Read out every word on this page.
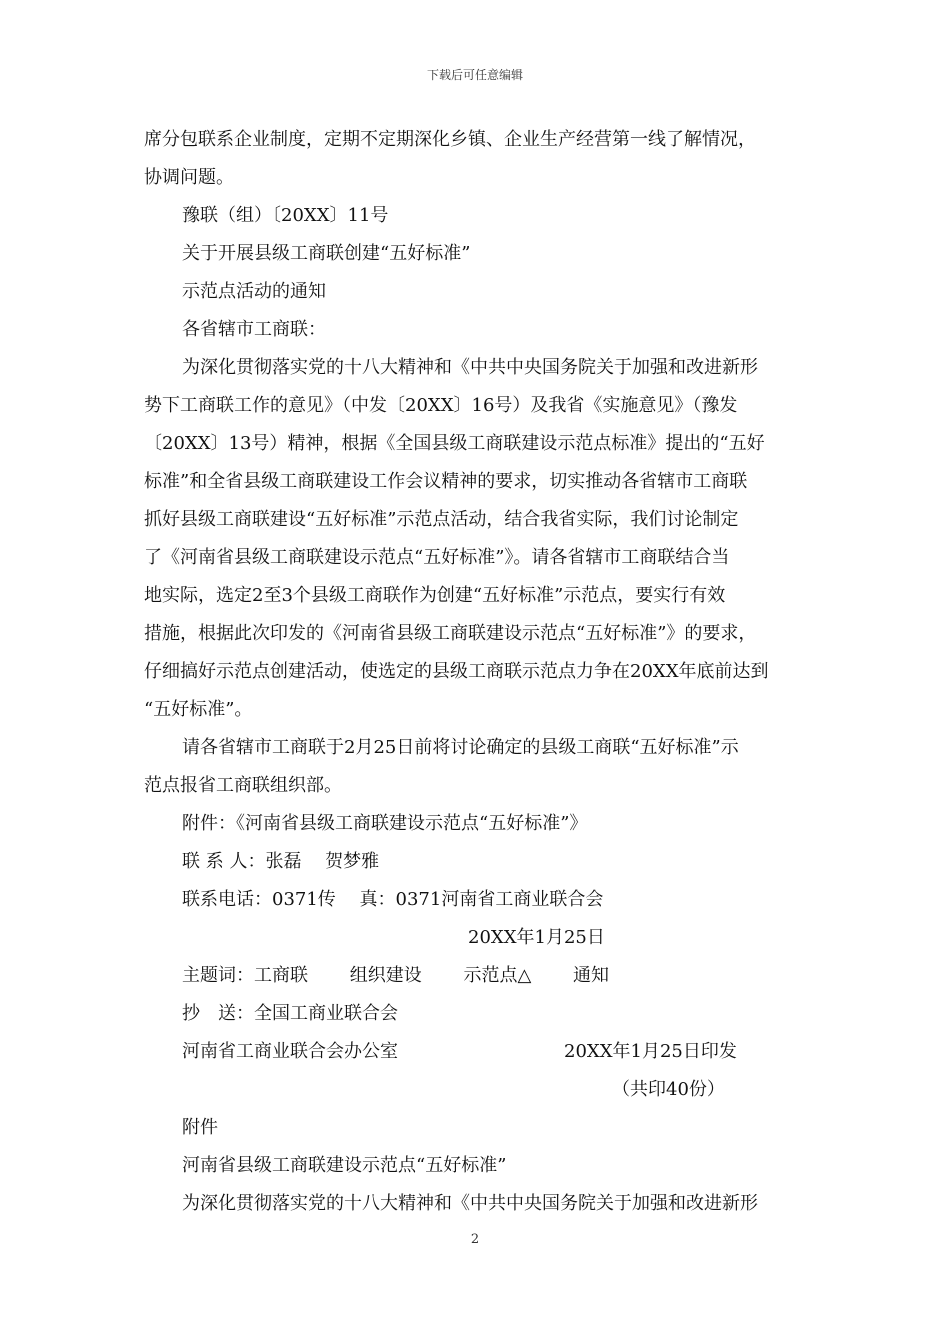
下载后可任意编辑
席分包联系企业制度，定期不定期深化乡镇、企业生产经营第一线了解情况，
协调问题。
豫联（组）〔20XX〕11号
关于开展县级工商联创建“五好标准”
示范点活动的通知
各省辖市工商联：
为深化贯彻落实党的十八大精神和《中共中央国务院关于加强和改进新形
势下工商联工作的意见》（中发〔20XX〕16号）及我省《实施意见》（豫发
〔20XX〕13号）精神，根据《全国县级工商联建设示范点标准》提出的“五好
标准”和全省县级工商联建设工作会议精神的要求，切实推动各省辖市工商联
抓好县级工商联建设“五好标准”示范点活动，结合我省实际，我们讨论制定
了《河南省县级工商联建设示范点“五好标准”》。请各省辖市工商联结合当
地实际，选定2至3个县级工商联作为创建“五好标准”示范点，要实行有效
措施，根据此次印发的《河南省县级工商联建设示范点“五好标准”》的要求，
仔细搞好示范点创建活动，使选定的县级工商联示范点力争在20XX年底前达到
“五好标准”。
请各省辖市工商联于2月25日前将讨论确定的县级工商联“五好标准”示
范点报省工商联组织部。
附件：《河南省县级工商联建设示范点“五好标准”》
联 系 人：张磊　 贺梦雅
联系电话：0371传　 真：0371河南省工商业联合会
20XX年1月25日
主题词：工商联　　 组织建设　　 示范点△　　 通知
抄　送：全国工商业联合会
河南省工商业联合会办公室	20XX年1月25日印发
（共印40份）
附件
河南省县级工商联建设示范点“五好标准”
为深化贯彻落实党的十八大精神和《中共中央国务院关于加强和改进新形
2
